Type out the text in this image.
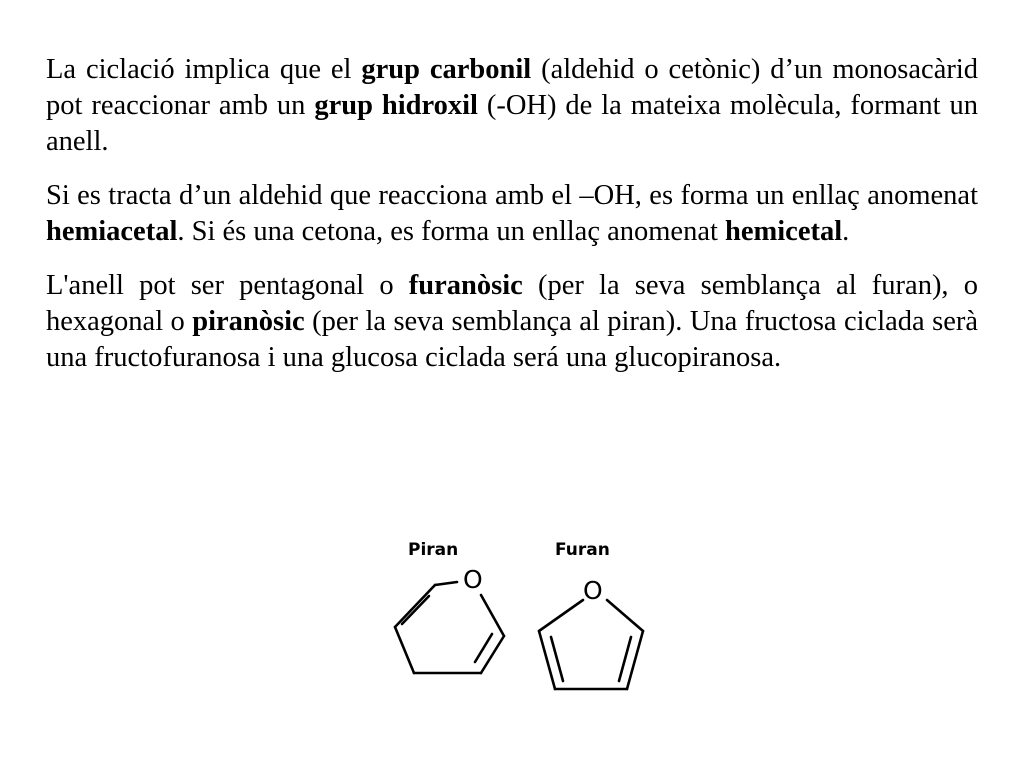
La ciclació implica que el grup carbonil (aldehid o cetònic) d’un monosacàrid pot reaccionar amb un grup hidroxil (-OH) de la mateixa molècula, formant un anell.

Si es tracta d’un aldehid que reacciona amb el –OH, es forma un enllaç anomenat hemiacetal. Si és una cetona, es forma un enllaç anomenat hemicetal.

L'anell pot ser pentagonal o furanòsic (per la seva semblança al furan), o hexagonal o piranòsic (per la seva semblança al piran). Una fructosa ciclada serà una fructofuranosa i una glucosa ciclada será una glucopiranosa.

Piran
O
Furan
O
